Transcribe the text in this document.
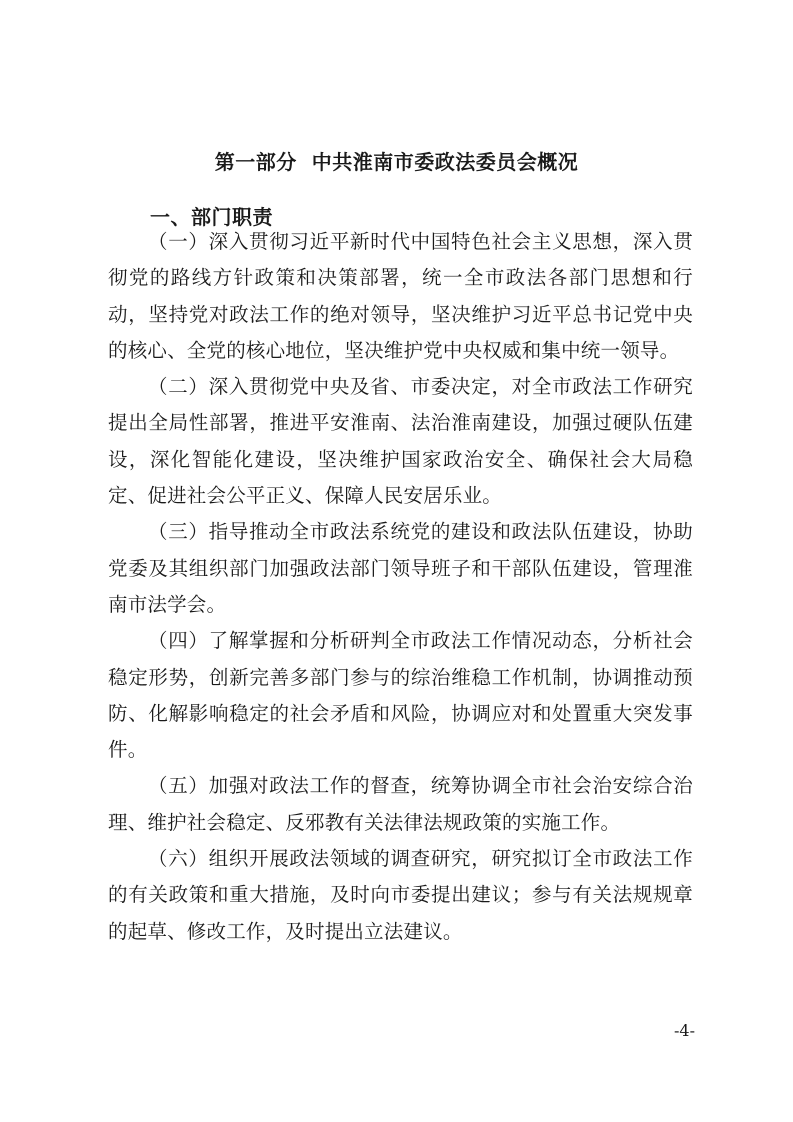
第一部分  中共淮南市委政法委员会概况
一、部门职责

（一）深入贯彻习近平新时代中国特色社会主义思想，深入贯彻党的路线方针政策和决策部署，统一全市政法各部门思想和行动，坚持党对政法工作的绝对领导，坚决维护习近平总书记党中央的核心、全党的核心地位，坚决维护党中央权威和集中统一领导。

（二）深入贯彻党中央及省、市委决定，对全市政法工作研究提出全局性部署，推进平安淮南、法治淮南建设，加强过硬队伍建设，深化智能化建设，坚决维护国家政治安全、确保社会大局稳定、促进社会公平正义、保障人民安居乐业。

（三）指导推动全市政法系统党的建设和政法队伍建设，协助党委及其组织部门加强政法部门领导班子和干部队伍建设，管理淮南市法学会。

（四）了解掌握和分析研判全市政法工作情况动态，分析社会稳定形势，创新完善多部门参与的综治维稳工作机制，协调推动预防、化解影响稳定的社会矛盾和风险，协调应对和处置重大突发事件。

（五）加强对政法工作的督查，统筹协调全市社会治安综合治理、维护社会稳定、反邪教有关法律法规政策的实施工作。

（六）组织开展政法领域的调查研究，研究拟订全市政法工作的有关政策和重大措施，及时向市委提出建议；参与有关法规规章的起草、修改工作，及时提出立法建议。

-4-
